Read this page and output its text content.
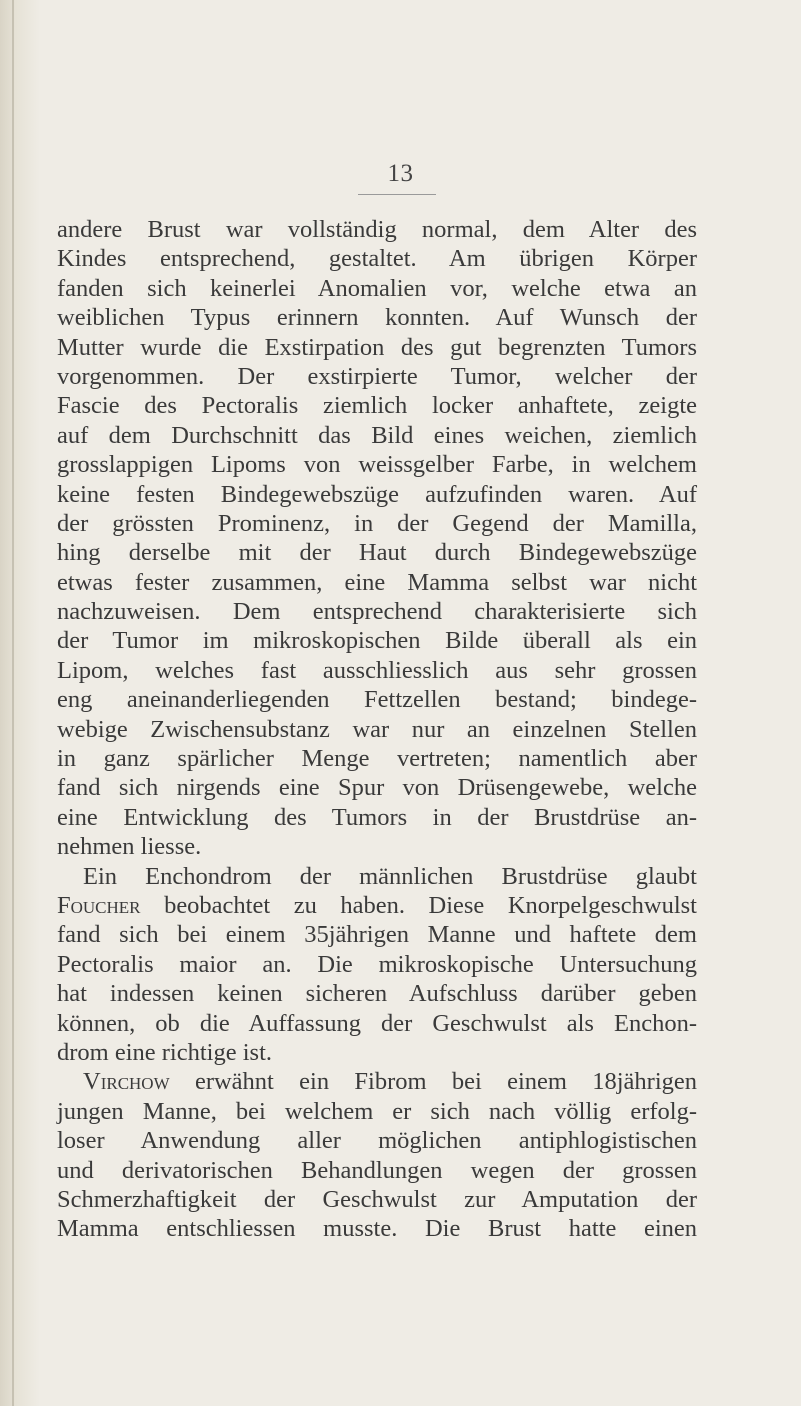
13
andere Brust war vollständig normal, dem Alter des
Kindes entsprechend, gestaltet. Am übrigen Körper
fanden sich keinerlei Anomalien vor, welche etwa an
weiblichen Typus erinnern konnten. Auf Wunsch der
Mutter wurde die Exstirpation des gut begrenzten Tumors
vorgenommen. Der exstirpierte Tumor, welcher der
Fascie des Pectoralis ziemlich locker anhaftete, zeigte
auf dem Durchschnitt das Bild eines weichen, ziemlich
grosslappigen Lipoms von weissgelber Farbe, in welchem
keine festen Bindegewebszüge aufzufinden waren. Auf
der grössten Prominenz, in der Gegend der Mamilla,
hing derselbe mit der Haut durch Bindegewebszüge
etwas fester zusammen, eine Mamma selbst war nicht
nachzuweisen. Dem entsprechend charakterisierte sich
der Tumor im mikroskopischen Bilde überall als ein
Lipom, welches fast ausschliesslich aus sehr grossen
eng aneinanderliegenden Fettzellen bestand; bindege-
webige Zwischensubstanz war nur an einzelnen Stellen
in ganz spärlicher Menge vertreten; namentlich aber
fand sich nirgends eine Spur von Drüsengewebe, welche
eine Entwicklung des Tumors in der Brustdrüse an-
nehmen liesse.
Ein Enchondrom der männlichen Brustdrüse glaubt
Foucher beobachtet zu haben. Diese Knorpelgeschwulst
fand sich bei einem 35jährigen Manne und haftete dem
Pectoralis maior an. Die mikroskopische Untersuchung
hat indessen keinen sicheren Aufschluss darüber geben
können, ob die Auffassung der Geschwulst als Enchon-
drom eine richtige ist.
Virchow erwähnt ein Fibrom bei einem 18jährigen
jungen Manne, bei welchem er sich nach völlig erfolg-
loser Anwendung aller möglichen antiphlogistischen
und derivatorischen Behandlungen wegen der grossen
Schmerzhaftigkeit der Geschwulst zur Amputation der
Mamma entschliessen musste. Die Brust hatte einen
